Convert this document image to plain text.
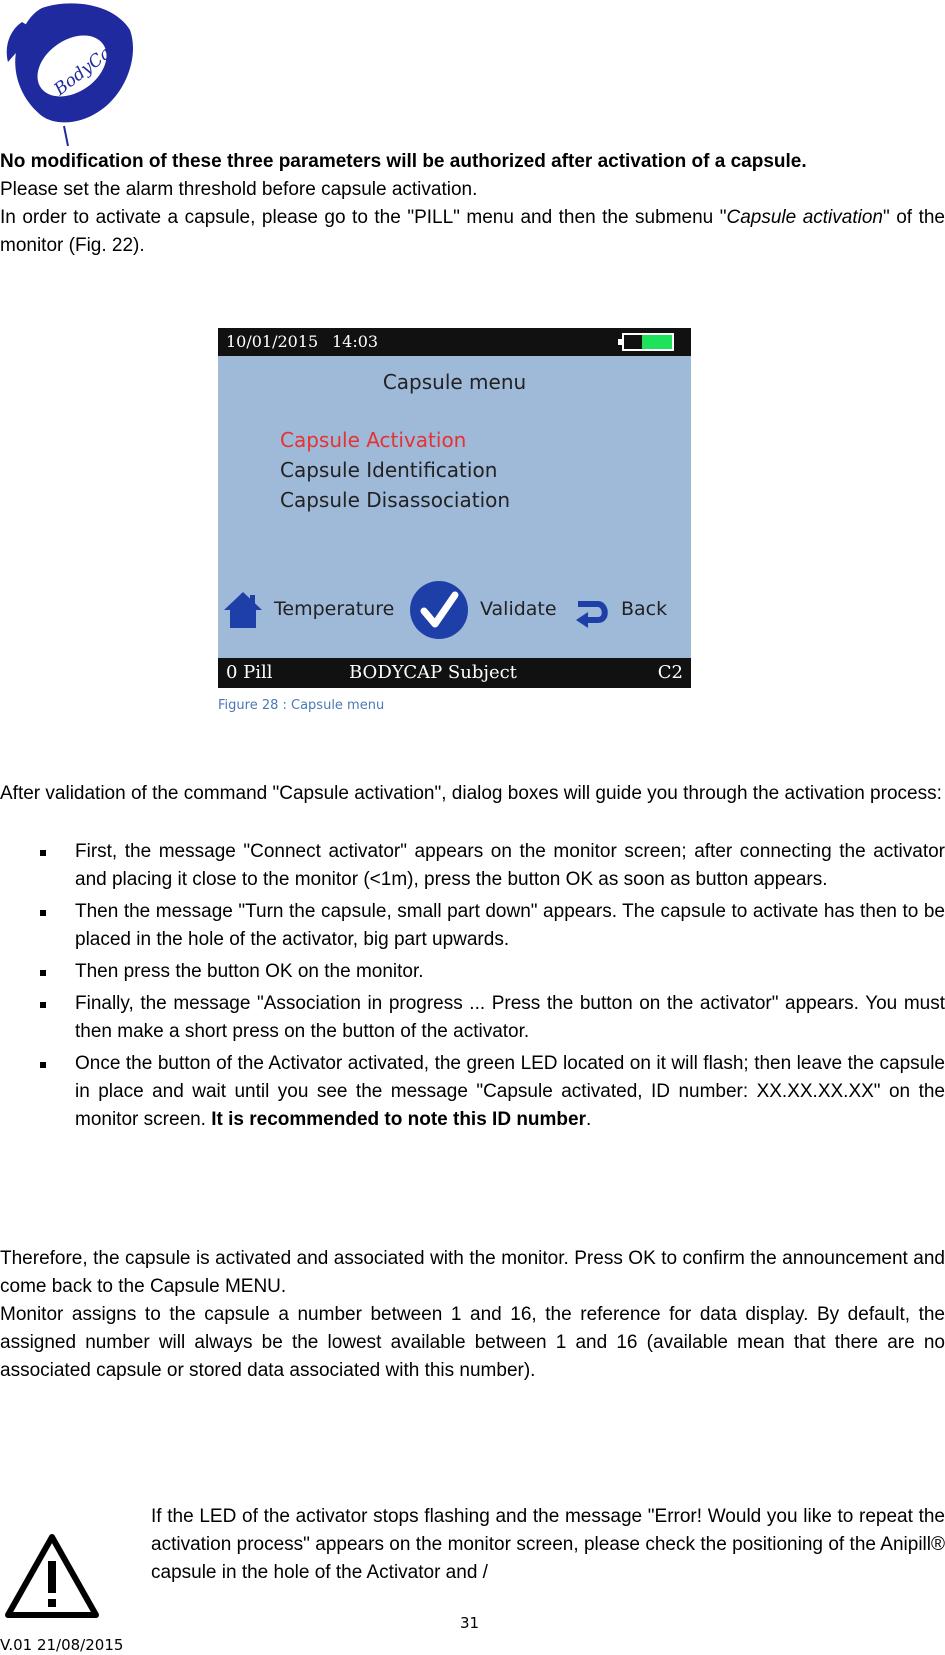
BodyCap

No modification of these three parameters will be authorized after activation of a capsule.

Please set the alarm threshold before capsule activation.

In order to activate a capsule, please go to the "PILL" menu and then the submenu "Capsule activation" of the monitor (Fig. 22).

10/01/2015 14:03
Capsule menu
Capsule Activation
Capsule Identification
Capsule Disassociation
Temperature	Validate	Back
0 Pill	BODYCAP Subject	C2
Figure 28 : Capsule menu
After validation of the command "Capsule activation", dialog boxes will guide you through the activation process:
First, the message "Connect activator" appears on the monitor screen; after connecting the activator and placing it close to the monitor (<1m), press the button OK as soon as button appears.
Then the message "Turn the capsule, small part down" appears. The capsule to activate has then to be placed in the hole of the activator, big part upwards.
Then press the button OK on the monitor.
Finally, the message "Association in progress ... Press the button on the activator" appears. You must then make a short press on the button of the activator.
Once the button of the Activator activated, the green LED located on it will flash; then leave the capsule in place and wait until you see the message "Capsule activated, ID number: XX.XX.XX.XX" on the monitor screen. It is recommended to note this ID number.

Therefore, the capsule is activated and associated with the monitor. Press OK to confirm the announcement and come back to the Capsule MENU.

Monitor assigns to the capsule a number between 1 and 16, the reference for data display. By default, the assigned number will always be the lowest available between 1 and 16 (available mean that there are no associated capsule or stored data associated with this number).

If the LED of the activator stops flashing and the message "Error! Would you like to repeat the activation process" appears on the monitor screen, please check the positioning of the Anipill® capsule in the hole of the Activator and /
31
V.01 21/08/2015
